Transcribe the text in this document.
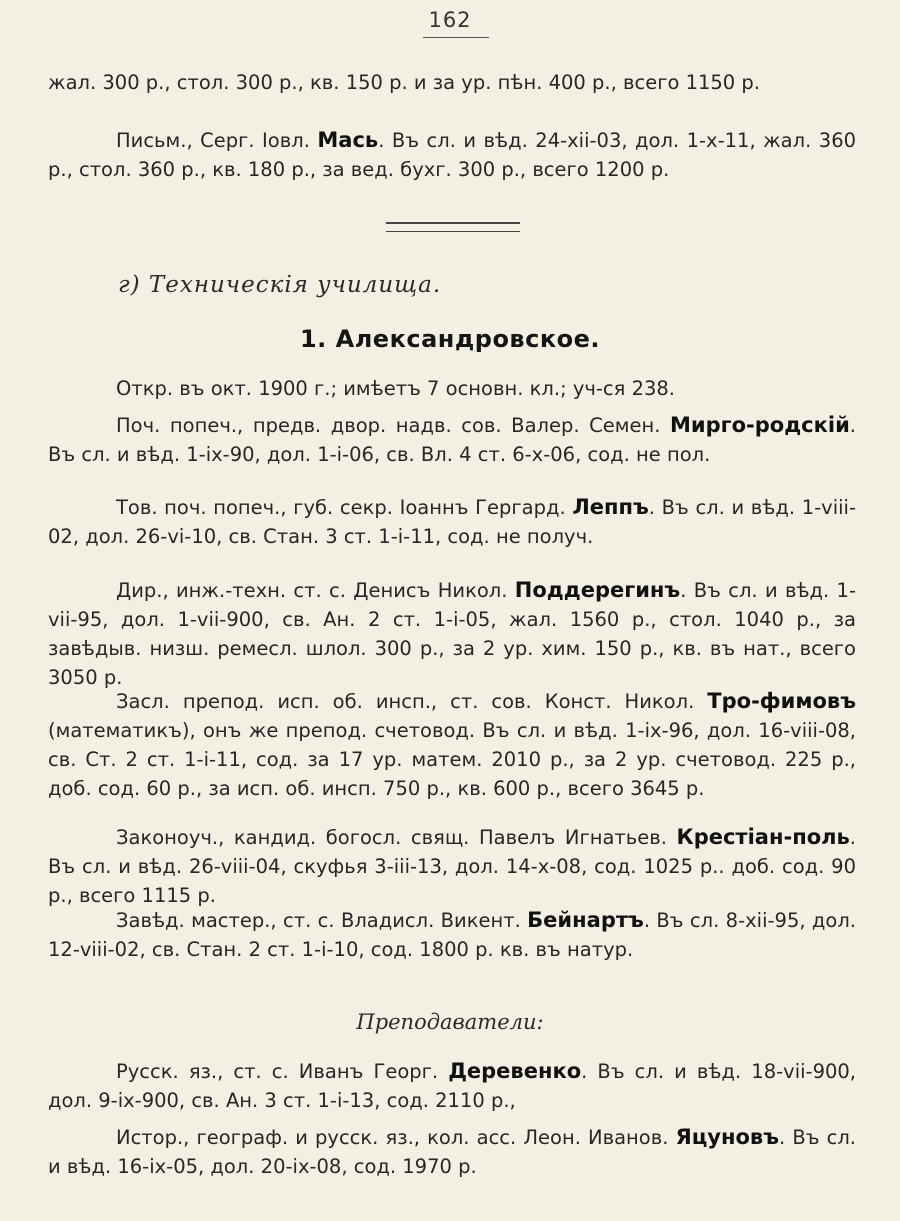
162
жал. 300 р., стол. 300 р., кв. 150 р. и за ур. пѣн. 400 р., всего 1150 р.
Письм., Серг. Іовл. Мась. Въ сл. и вѣд. 24-xii-03, дол. 1-x-11, жал. 360 р., стол. 360 р., кв. 180 р., за вед. бухг. 300 р., всего 1200 р.
г) Техническія училища.
1. Александровское.
Откр. въ окт. 1900 г.; имѣетъ 7 основн. кл.; уч-ся 238.
Поч. попеч., предв. двор. надв. сов. Валер. Семен. Мирго-родскій. Въ сл. и вѣд. 1-ix-90, дол. 1-i-06, св. Вл. 4 ст. 6-x-06, сод. не пол.
Тов. поч. попеч., губ. секр. Іоаннъ Гергард. Леппъ. Въ сл. и вѣд. 1-viii-02, дол. 26-vi-10, св. Стан. 3 ст. 1-i-11, сод. не получ.
Дир., инж.-техн. ст. с. Денисъ Никол. Поддерегинъ. Въ сл. и вѣд. 1-vii-95, дол. 1-vii-900, св. Ан. 2 ст. 1-i-05, жал. 1560 р., стол. 1040 р., за завѣдыв. низш. ремесл. шлол. 300 р., за 2 ур. хим. 150 р., кв. въ нат., всего 3050 р.
Засл. препод. исп. об. инсп., ст. сов. Конст. Никол. Тро-фимовъ (математикъ), онъ же препод. счетовод. Въ сл. и вѣд. 1-ix-96, дол. 16-viii-08, св. Ст. 2 ст. 1-i-11, сод. за 17 ур. матем. 2010 р., за 2 ур. счетовод. 225 р., доб. сод. 60 р., за исп. об. инсп. 750 р., кв. 600 р., всего 3645 р.
Законоуч., кандид. богосл. свящ. Павелъ Игнатьев. Крестіан-поль. Въ сл. и вѣд. 26-viii-04, скуфья 3-iii-13, дол. 14-x-08, сод. 1025 р.. доб. сод. 90 р., всего 1115 р.
Завѣд. мастер., ст. с. Владисл. Викент. Бейнартъ. Въ сл. 8-xii-95, дол. 12-viii-02, св. Стан. 2 ст. 1-i-10, сод. 1800 р. кв. въ натур.
Преподаватели:
Русск. яз., ст. с. Иванъ Георг. Деревенко. Въ сл. и вѣд. 18-vii-900, дол. 9-ix-900, св. Ан. 3 ст. 1-i-13, сод. 2110 р.,
Истор., географ. и русск. яз., кол. асс. Леон. Иванов. Яцуновъ. Въ сл. и вѣд. 16-ix-05, дол. 20-ix-08, сод. 1970 р.
